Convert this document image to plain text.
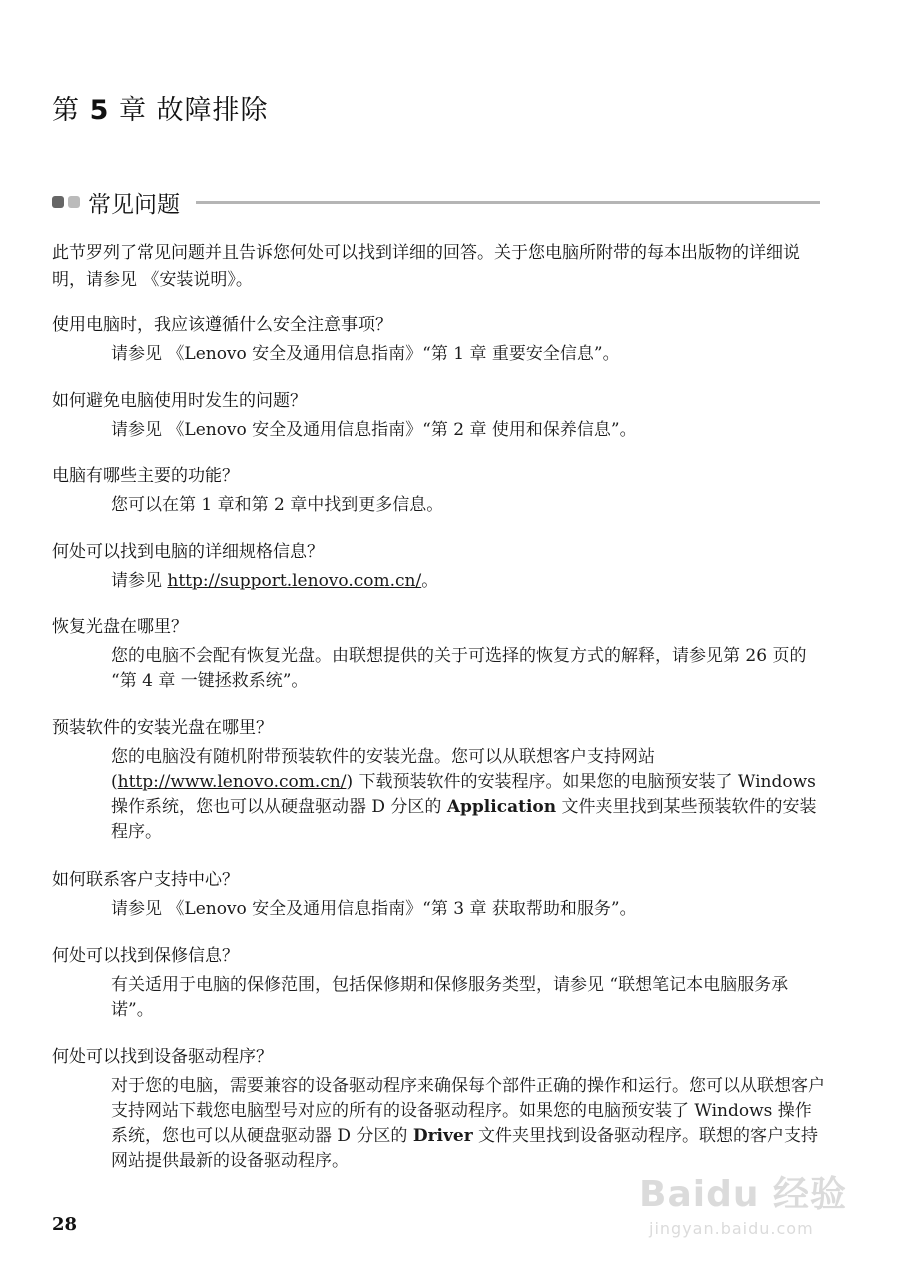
第 5 章 故障排除
常见问题
此节罗列了常见问题并且告诉您何处可以找到详细的回答。关于您电脑所附带的每本出版物的详细说明，请参见 《安装说明》。
使用电脑时，我应该遵循什么安全注意事项？
请参见 《Lenovo 安全及通用信息指南》“第 1 章 重要安全信息”。
如何避免电脑使用时发生的问题？
请参见 《Lenovo 安全及通用信息指南》“第 2 章 使用和保养信息”。
电脑有哪些主要的功能？
您可以在第 1 章和第 2 章中找到更多信息。
何处可以找到电脑的详细规格信息？
请参见 http://support.lenovo.com.cn/。
恢复光盘在哪里？
您的电脑不会配有恢复光盘。由联想提供的关于可选择的恢复方式的解释，请参见第 26 页的 “第 4 章 一键拯救系统”。
预装软件的安装光盘在哪里？
您的电脑没有随机附带预装软件的安装光盘。您可以从联想客户支持网站 (http://www.lenovo.com.cn/) 下载预装软件的安装程序。如果您的电脑预安装了 Windows 操作系统，您也可以从硬盘驱动器 D 分区的 Application 文件夹里找到某些预装软件的安装程序。
如何联系客户支持中心？
请参见 《Lenovo 安全及通用信息指南》“第 3 章 获取帮助和服务”。
何处可以找到保修信息？
有关适用于电脑的保修范围，包括保修期和保修服务类型，请参见 “联想笔记本电脑服务承诺”。
何处可以找到设备驱动程序？
对于您的电脑，需要兼容的设备驱动程序来确保每个部件正确的操作和运行。您可以从联想客户支持网站下载您电脑型号对应的所有的设备驱动程序。如果您的电脑预安装了 Windows 操作系统，您也可以从硬盘驱动器 D 分区的 Driver 文件夹里找到设备驱动程序。联想的客户支持网站提供最新的设备驱动程序。
28
Baidu 经验
jingyan.baidu.com
